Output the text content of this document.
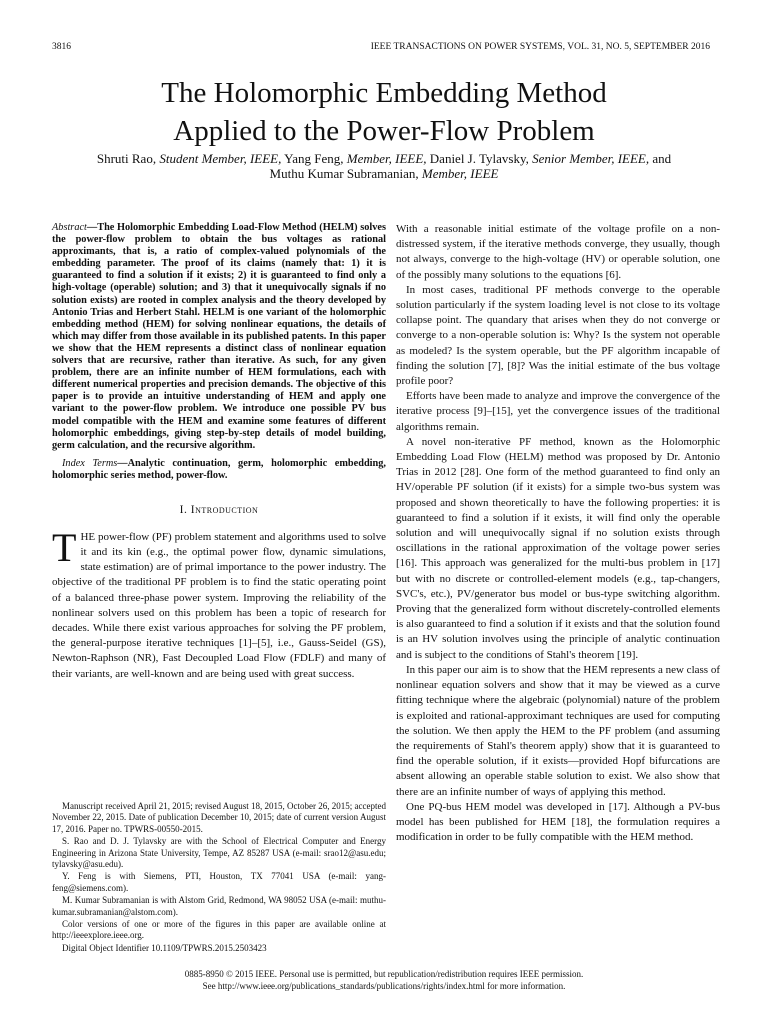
3816	IEEE TRANSACTIONS ON POWER SYSTEMS, VOL. 31, NO. 5, SEPTEMBER 2016
The Holomorphic Embedding Method
Applied to the Power-Flow Problem
Shruti Rao, Student Member, IEEE, Yang Feng, Member, IEEE, Daniel J. Tylavsky, Senior Member, IEEE, and
Muthu Kumar Subramanian, Member, IEEE

Abstract—The Holomorphic Embedding Load-Flow Method (HELM) solves the power-flow problem to obtain the bus voltages as rational approximants, that is, a ratio of complex-valued polynomials of the embedding parameter. The proof of its claims (namely that: 1) it is guaranteed to find a solution if it exists; 2) it is guaranteed to find only a high-voltage (operable) solution; and 3) that it unequivocally signals if no solution exists) are rooted in complex analysis and the theory developed by Antonio Trias and Herbert Stahl. HELM is one variant of the holomorphic embedding method (HEM) for solving nonlinear equations, the details of which may differ from those available in its published patents. In this paper we show that the HEM represents a distinct class of nonlinear equation solvers that are recursive, rather than iterative. As such, for any given problem, there are an infinite number of HEM formulations, each with different numerical properties and precision demands. The objective of this paper is to provide an intuitive understanding of HEM and apply one variant to the power-flow problem. We introduce one possible PV bus model compatible with the HEM and examine some features of different holomorphic embeddings, giving step-by-step details of model building, germ calculation, and the recursive algorithm.

Index Terms—Analytic continuation, germ, holomorphic embedding, holomorphic series method, power-flow.

I. Introduction

THE power-flow (PF) problem statement and algorithms used to solve it and its kin (e.g., the optimal power flow, dynamic simulations, state estimation) are of primal importance to the power industry. The objective of the traditional PF problem is to find the static operating point of a balanced three-phase power system. Improving the reliability of the nonlinear solvers used on this problem has been a topic of research for decades. While there exist various approaches for solving the PF problem, the general-purpose iterative techniques [1]–[5], i.e., Gauss-Seidel (GS), Newton-Raphson (NR), Fast Decoupled Load Flow (FDLF) and many of their variants, are well-known and are being used with great success.

Manuscript received April 21, 2015; revised August 18, 2015, October 26, 2015; accepted November 22, 2015. Date of publication December 10, 2015; date of current version August 17, 2016. Paper no. TPWRS-00550-2015.

S. Rao and D. J. Tylavsky are with the School of Electrical Computer and Energy Engineering in Arizona State University, Tempe, AZ 85287 USA (e-mail: srao12@asu.edu; tylavsky@asu.edu).

Y. Feng is with Siemens, PTI, Houston, TX 77041 USA (e-mail: yang-feng@siemens.com).

M. Kumar Subramanian is with Alstom Grid, Redmond, WA 98052 USA (e-mail: muthu-kumar.subramanian@alstom.com).

Color versions of one or more of the figures in this paper are available online at http://ieeexplore.ieee.org.

Digital Object Identifier 10.1109/TPWRS.2015.2503423

With a reasonable initial estimate of the voltage profile on a non-distressed system, if the iterative methods converge, they usually, though not always, converge to the high-voltage (HV) or operable solution, one of the possibly many solutions to the equations [6].

In most cases, traditional PF methods converge to the operable solution particularly if the system loading level is not close to its voltage collapse point. The quandary that arises when they do not converge or converge to a non-operable solution is: Why? Is the system not operable as modeled? Is the system operable, but the PF algorithm incapable of finding the solution [7], [8]? Was the initial estimate of the bus voltage profile poor?

Efforts have been made to analyze and improve the convergence of the iterative process [9]–[15], yet the convergence issues of the traditional algorithms remain.

A novel non-iterative PF method, known as the Holomorphic Embedding Load Flow (HELM) method was proposed by Dr. Antonio Trias in 2012 [28]. One form of the method guaranteed to find only an HV/operable PF solution (if it exists) for a simple two-bus system was proposed and shown theoretically to have the following properties: it is guaranteed to find a solution if it exists, it will find only the operable solution and will unequivocally signal if no solution exists through oscillations in the rational approximation of the voltage power series [16]. This approach was generalized for the multi-bus problem in [17] but with no discrete or controlled-element models (e.g., tap-changers, SVC's, etc.), PV/generator bus model or bus-type switching algorithm. Proving that the generalized form without discretely-controlled elements is also guaranteed to find a solution if it exists and that the solution found is an HV solution involves using the principle of analytic continuation and is subject to the conditions of Stahl's theorem [19].

In this paper our aim is to show that the HEM represents a new class of nonlinear equation solvers and show that it may be viewed as a curve fitting technique where the algebraic (polynomial) nature of the problem is exploited and rational-approximant techniques are used for computing the solution. We then apply the HEM to the PF problem (and assuming the requirements of Stahl's theorem apply) show that it is guaranteed to find the operable solution, if it exists—provided Hopf bifurcations are absent allowing an operable stable solution to exist. We also show that there are an infinite number of ways of applying this method.

One PQ-bus HEM model was developed in [17]. Although a PV-bus model has been published for HEM [18], the formulation requires a modification in order to be fully compatible with the HEM method.

0885-8950 © 2015 IEEE. Personal use is permitted, but republication/redistribution requires IEEE permission.
See http://www.ieee.org/publications_standards/publications/rights/index.html for more information.
